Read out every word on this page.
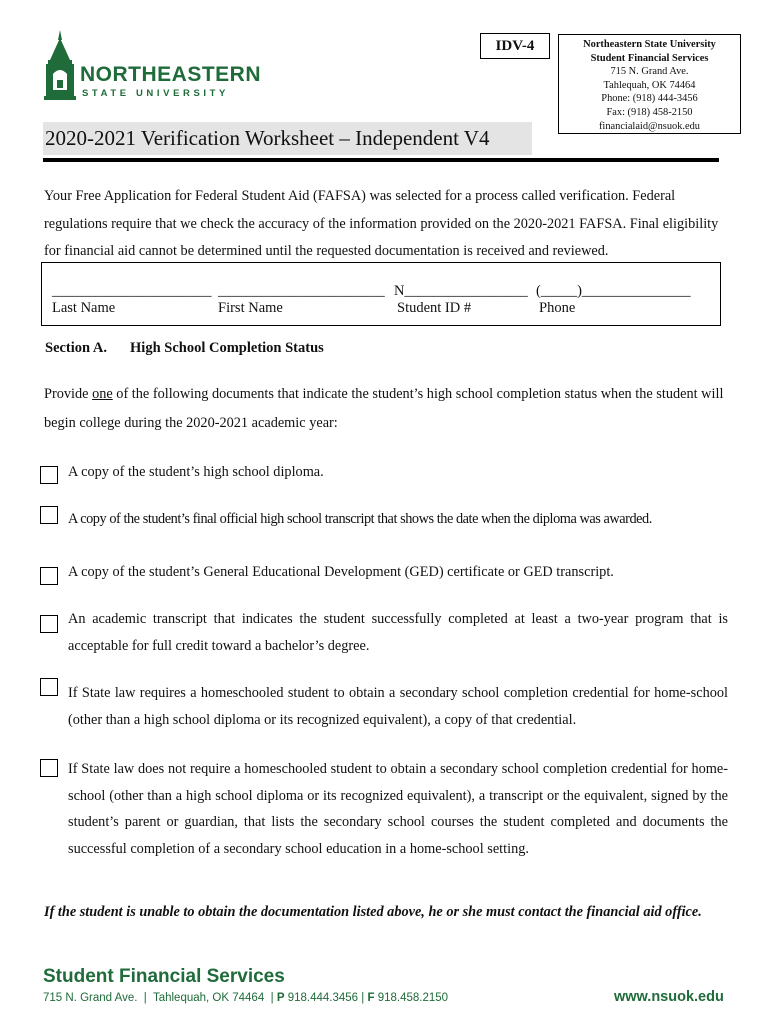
NORTHEASTERN
STATE UNIVERSITY
IDV-4	Northeastern State University
Student Financial Services
715 N. Grand Ave.
Tahlequah, OK 74464
Phone: (918) 444-3456
Fax: (918) 458-2150
financialaid@nsuok.edu
2020-2021 Verification Worksheet – Independent V4
Your Free Application for Federal Student Aid (FAFSA) was selected for a process called verification. Federal regulations require that we check the accuracy of the information provided on the 2020-2021 FAFSA. Final eligibility for financial aid cannot be determined until the requested documentation is received and reviewed.
______________________ _______________________ N_________________ (_____)_______________
Last Name	First Name	Student ID #	Phone
Section A. High School Completion Status
Provide one of the following documents that indicate the student’s high school completion status when the student will begin college during the 2020-2021 academic year:
A copy of the student’s high school diploma.
A copy of the student’s final official high school transcript that shows the date when the diploma was awarded.
A copy of the student’s General Educational Development (GED) certificate or GED transcript.
An academic transcript that indicates the student successfully completed at least a two-year program that is acceptable for full credit toward a bachelor’s degree.
If State law requires a homeschooled student to obtain a secondary school completion credential for home-school (other than a high school diploma or its recognized equivalent), a copy of that credential.
If State law does not require a homeschooled student to obtain a secondary school completion credential for home-school (other than a high school diploma or its recognized equivalent), a transcript or the equivalent, signed by the student’s parent or guardian, that lists the secondary school courses the student completed and documents the successful completion of a secondary school education in a home-school setting.
If the student is unable to obtain the documentation listed above, he or she must contact the financial aid office.
Student Financial Services
715 N. Grand Ave.  |  Tahlequah, OK 74464  | P 918.444.3456 | F 918.458.2150	www.nsuok.edu
